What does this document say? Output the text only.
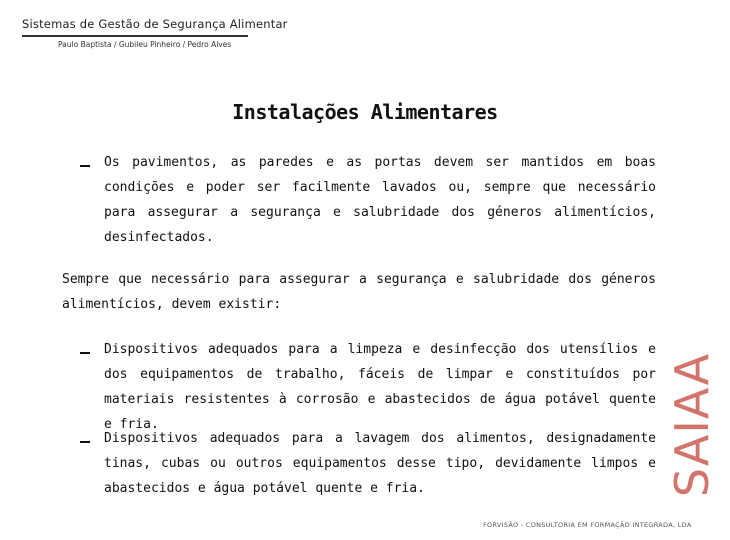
Sistemas de Gestão de Segurança Alimentar
Paulo Baptista / Gubileu Pinheiro / Pedro Alves
Instalações Alimentares
Os pavimentos, as paredes e as portas devem ser mantidos em boas condições e poder ser facilmente lavados ou, sempre que necessário para assegurar a segurança e salubridade dos géneros alimentícios, desinfectados.
Sempre que necessário para assegurar a segurança e salubridade dos géneros alimentícios, devem existir:
Dispositivos adequados para a limpeza e desinfecção dos utensílios e dos equipamentos de trabalho, fáceis de limpar e constituídos por materiais resistentes à corrosão e abastecidos de água potável quente e fria.
Dispositivos adequados para a lavagem dos alimentos, designadamente tinas, cubas ou outros equipamentos desse tipo, devidamente limpos e abastecidos e água potável quente e fria.	SAIAA
FORVISÃO - CONSULTORIA EM FORMAÇÃO INTEGRADA, LDA
